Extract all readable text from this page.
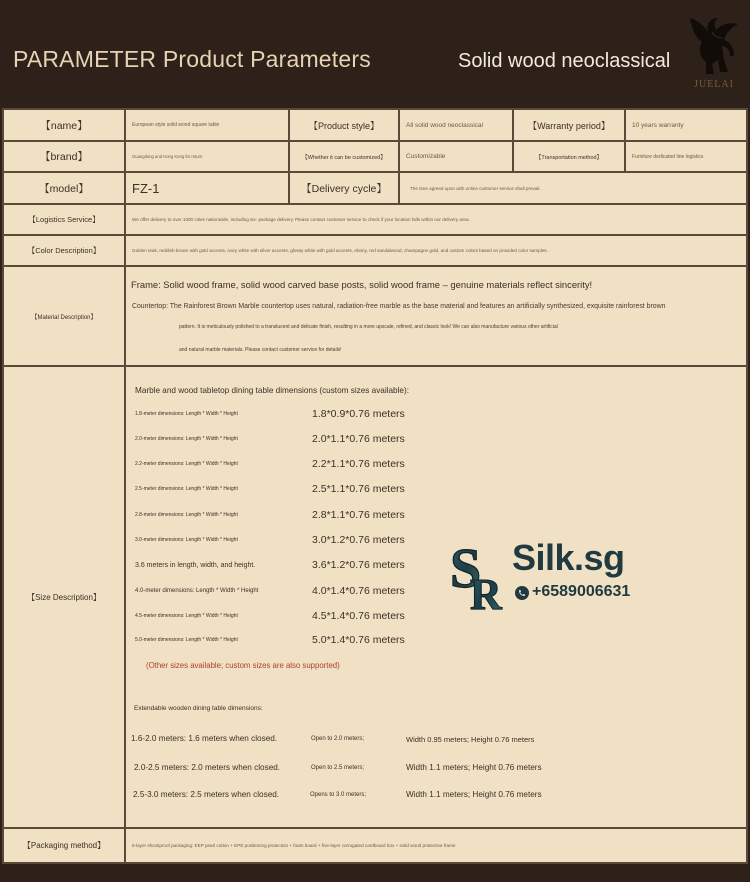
PARAMETER Product Parameters	Solid wood neoclassical
JUELAI
【name】	European style solid wood square table	【Product style】	All solid wood neoclassical	【Warranty period】	10 years warranty
【brand】	Guangdong and Hong Kong for return	【Whether it can be customized】	Customizable	【Transportation method】	Furniture dedicated line logistics
【model】	FZ-1	【Delivery cycle】	The time agreed upon with online customer service shall prevail.
【Logistics Service】	We offer delivery to over 1000 cities nationwide, including six- package delivery. Please contact customer service to check if your location falls within our delivery area.
【Color Description】	Golden teak, reddish-brown with gold accents, ivory white with silver accents, glossy white with gold accents, ebony, red sandalwood, champagne gold, and custom colors based on provided color samples.
【Material Description】
Frame: Solid wood frame, solid wood carved base posts, solid wood frame – genuine materials reflect sincerity!
Countertop: The Rainforest Brown Marble countertop uses natural, radiation-free marble as the base material and features an artificially synthesized, exquisite rainforest brown
pattern. It is meticulously polished to a translucent and delicate finish, resulting in a more upscale, refined, and classic look! We can also manufacture various other artificial
and natural marble materials. Please contact customer service for details!
【Size Description】
Marble and wood tabletop dining table dimensions (custom sizes available):
1.8-meter dimensions: Length * Width * Height	1.8*0.9*0.76 meters
2.0-meter dimensions: Length * Width * Height	2.0*1.1*0.76 meters
2.2-meter dimensions: Length * Width * Height	2.2*1.1*0.76 meters
2.5-meter dimensions: Length * Width * Height	2.5*1.1*0.76 meters
2.8-meter dimensions: Length * Width * Height	2.8*1.1*0.76 meters
3.0-meter dimensions: Length * Width * Height	3.0*1.2*0.76 meters
3.6 meters in length, width, and height.	3.6*1.2*0.76 meters
4.0-meter dimensions: Length * Width * Height	4.0*1.4*0.76 meters
4.5-meter dimensions: Length * Width * Height	4.5*1.4*0.76 meters
5.0-meter dimensions: Length * Width * Height	5.0*1.4*0.76 meters
(Other sizes available; custom sizes are also supported)
Extendable wooden dining table dimensions:
1.6-2.0 meters: 1.6 meters when closed.	Open to 2.0 meters;	Width 0.95 meters; Height 0.76 meters
2.0-2.5 meters: 2.0 meters when closed.	Open to 2.5 meters;	Width 1.1 meters; Height 0.76 meters
2.5-3.0 meters: 2.5 meters when closed.	Opens to 3.0 meters;	Width 1.1 meters; Height 0.76 meters
【Packaging method】	5-layer shockproof packaging: EEP pearl cotton + EPE positioning protection + foam board + five-layer corrugated cardboard box + solid wood protective frame
S
R
Silk.sg
+6589006631
